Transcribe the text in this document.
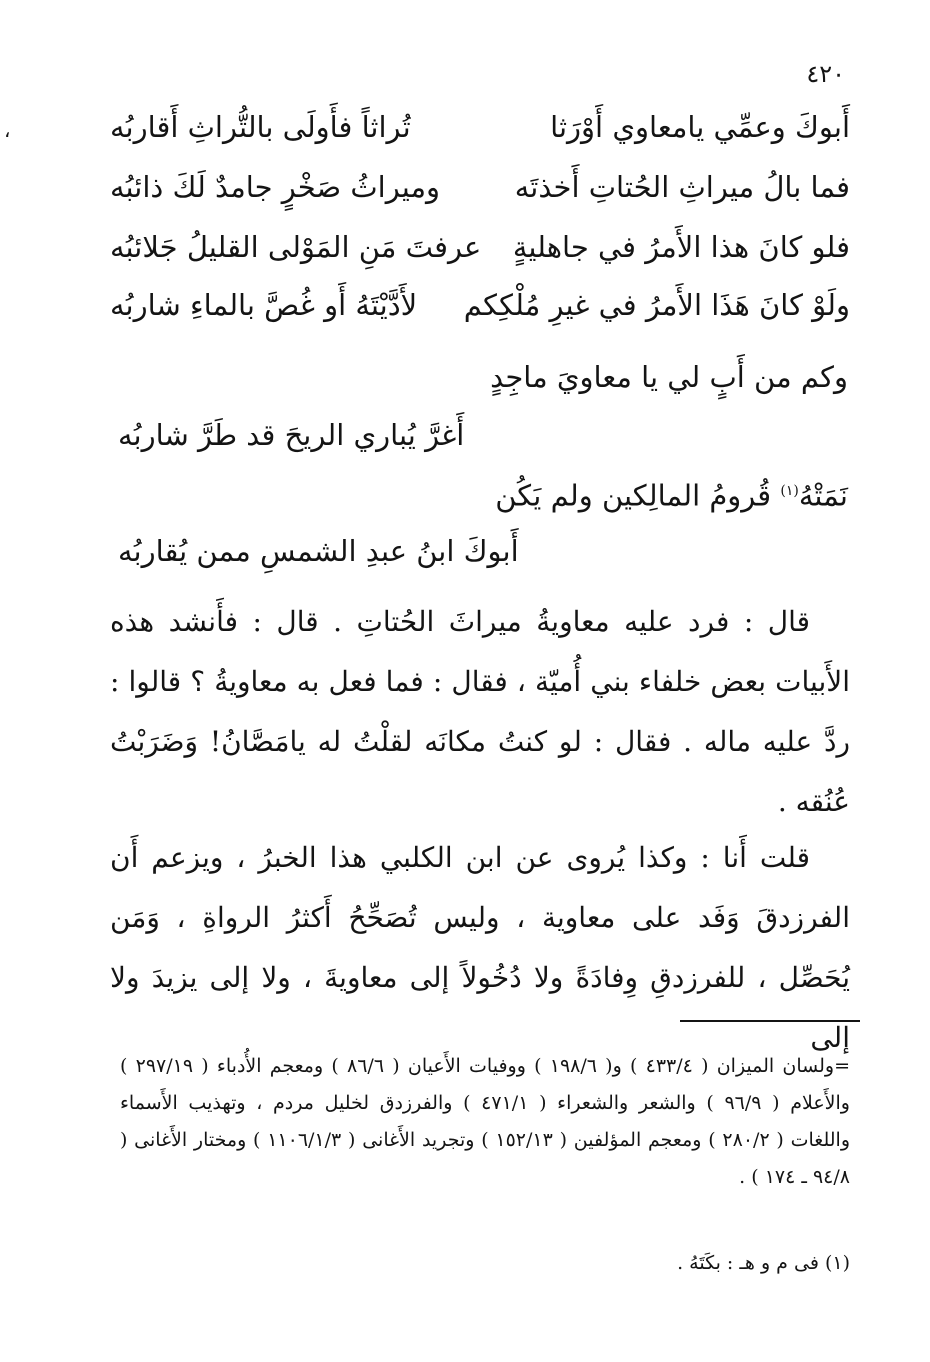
٤٢٠
،	أَبوكَ وعمِّي يامعاوي أَوْرَثا
تُراثاً فأَولَى بالتُّراثِ أَقاربُه
فما بالُ ميراثِ الحُتاتِ أَخذتَه
وميراثُ صَخْرٍ جامدٌ لَكَ ذائبُه
فلو كانَ هذا الأَمرُ في جاهليةٍ
عرفتَ مَنِ المَوْلى القليلُ جَلائبُه
ولَوْ كانَ هَذَا الأَمرُ في غيرِ مُلْكِكم
لأَدَّيْتَهُ أَو غُصَّ بالماءِ شاربُه
وكم من أَبٍ لي يا معاويَ ماجِدٍ
أَغرَّ يُباري الريحَ قد طَرَّ شاربُه
نَمَتْهُ$^{(١)}$ قُرومُ المالِكين ولم يَكُن
أَبوكَ ابنُ عبدِ الشمسِ ممن يُقاربُه
قال : فرد عليه معاويةُ ميراثَ الحُتاتِ . قال : فأَنشد هذه الأَبيات بعض خلفاء بني أُميّة ، فقال : فما فعل به معاويةُ ؟ قالوا : ردَّ عليه ماله . فقال : لو كنتُ مكانَه لقلْتُ له يامَصَّانُ! وَضَرَبْتُ عُنُقه .
قلت أَنا : وكذا يُروى عن ابن الكلبي هذا الخبرُ ، ويزعم أَن الفرزدقَ وَفَد على معاوية ، وليس تُصَحِّحُ أَكثرُ الرواةِ ، وَمَن يُحَصِّل ، للفرزدقِ وِفادَةً ولا دُخُولاً إلى معاويةَ ، ولا إلى يزيدَ ولا إلى
=ولسان الميزان ( ٤٣٣/٤ ) و( ١٩٨/٦ ) ووفيات الأَعيان ( ٨٦/٦ ) ومعجم الأُدباء ( ٢٩٧/١٩ ) والأَعلام ( ٩٦/٩ ) والشعر والشعراء ( ٤٧١/١ ) والفرزدق لخليل مردم ، وتهذيب الأَسماء واللغات ( ٢٨٠/٢ ) ومعجم المؤلفين ( ١٥٢/١٣ ) وتجريد الأَغانى ( ١١٠٦/١/٣ ) ومختار الأَغانى ( ٩٤/٨ ـ ١٧٤ ) .
(١) فى م و هـ : بكَتَهُ .
